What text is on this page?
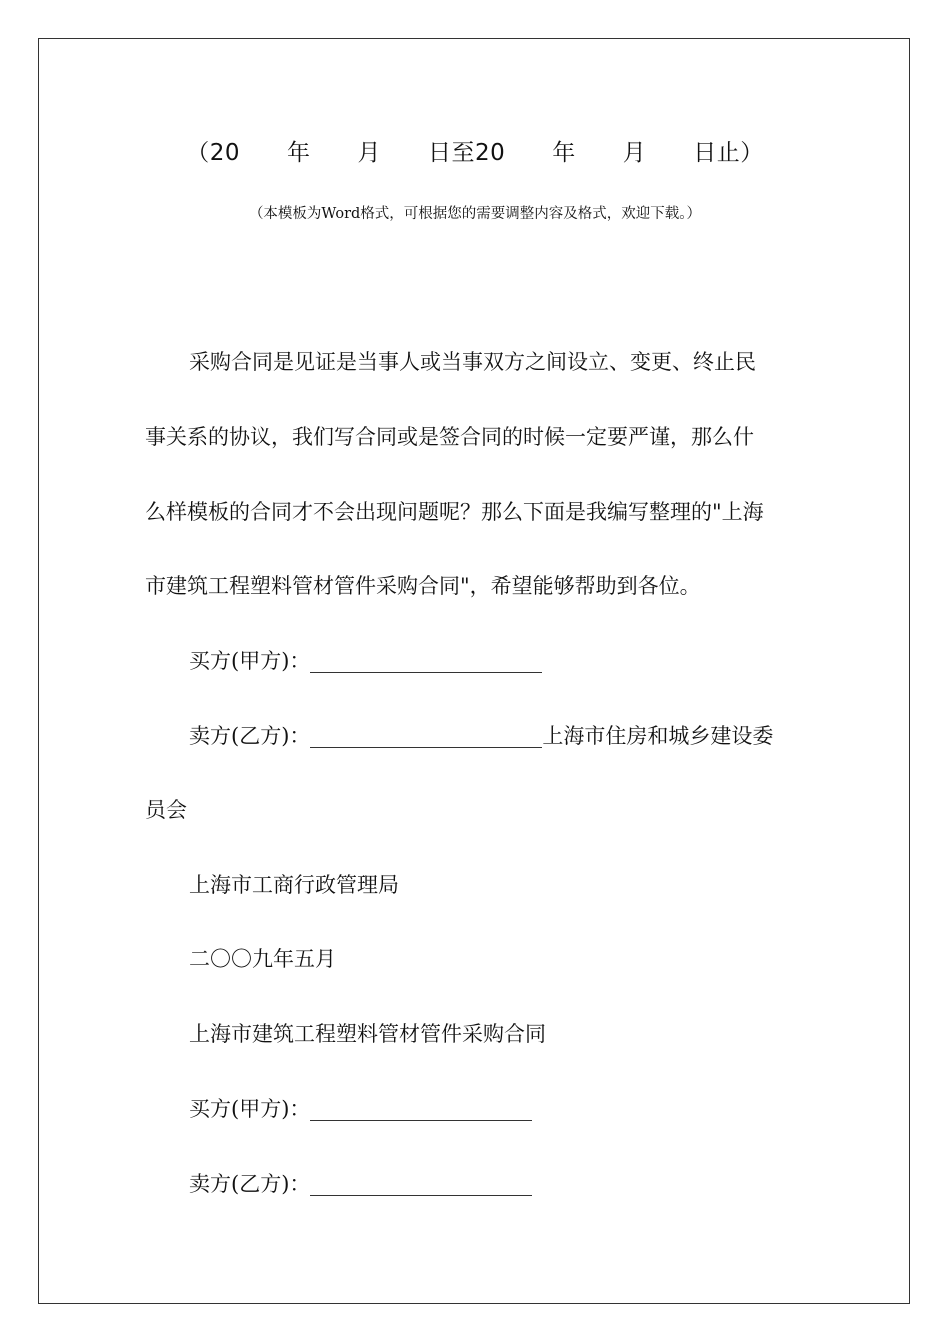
（20　　年　　月　　日至20　　年　　月　　日止）
（本模板为Word格式，可根据您的需要调整内容及格式，欢迎下载。）
采购合同是见证是当事人或当事双方之间设立、变更、终止民
事关系的协议，我们写合同或是签合同的时候一定要严谨，那么什
么样模板的合同才不会出现问题呢？那么下面是我编写整理的"上海
市建筑工程塑料管材管件采购合同"，希望能够帮助到各位。
买方(甲方)：
卖方(乙方)：	上海市住房和城乡建设委
员会
上海市工商行政管理局
二〇〇九年五月
上海市建筑工程塑料管材管件采购合同
买方(甲方)：
卖方(乙方)：
